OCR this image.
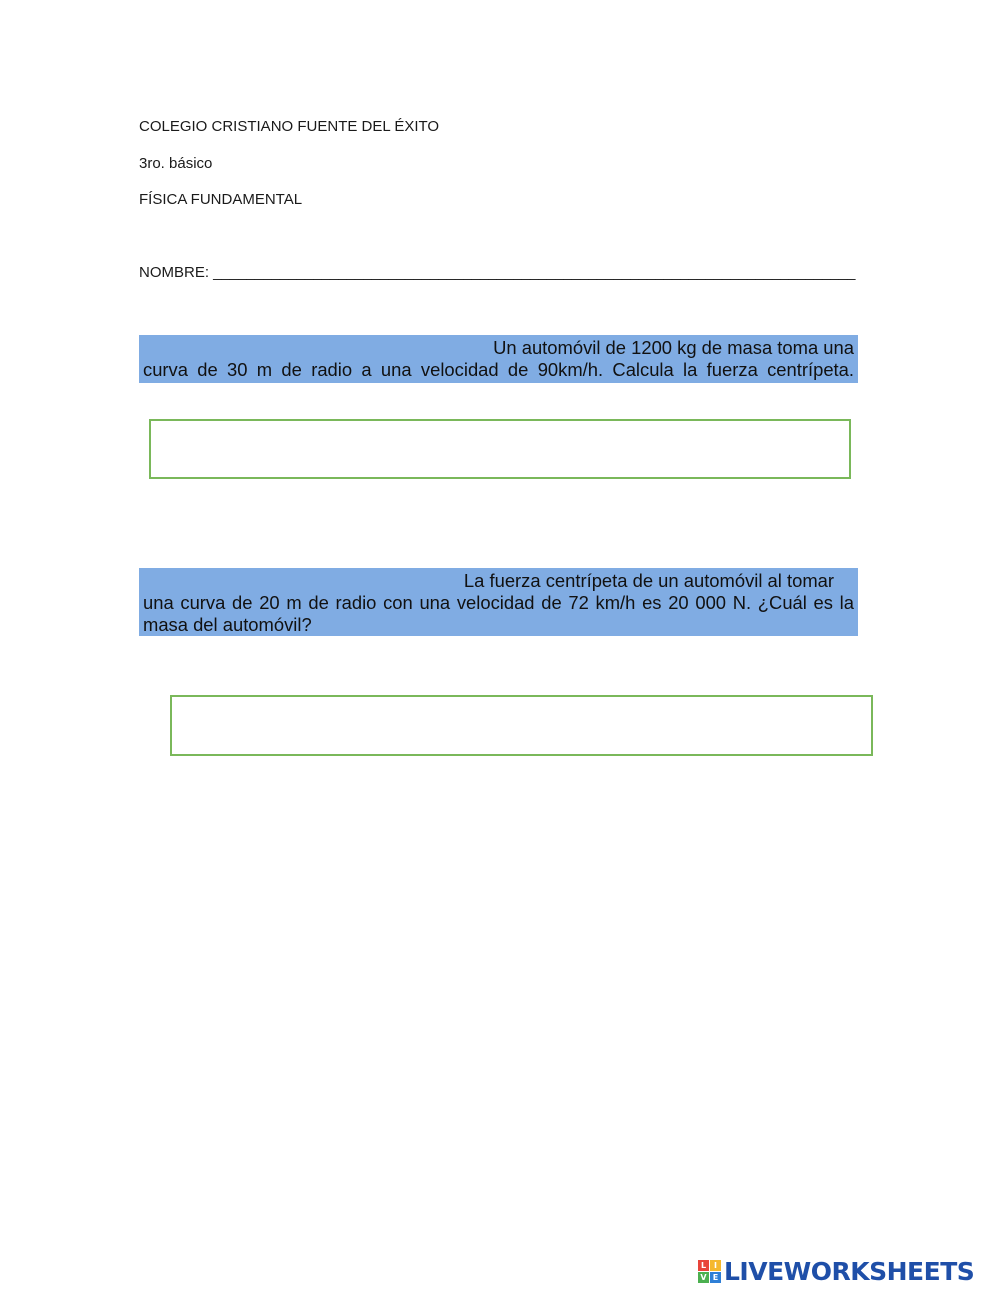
COLEGIO CRISTIANO FUENTE DEL ÉXITO
3ro. básico
FÍSICA FUNDAMENTAL
NOMBRE: _____________________________________________________________________________
Un automóvil de 1200 kg de masa toma una
curva de 30 m de radio a una velocidad de 90km/h. Calcula la fuerza centrípeta.
La fuerza centrípeta de un automóvil al tomar
una curva de 20 m de radio con una velocidad de 72 km/h es 20 000 N. ¿Cuál es la
masa del automóvil?
L I
V E LIVEWORKSHEETS
